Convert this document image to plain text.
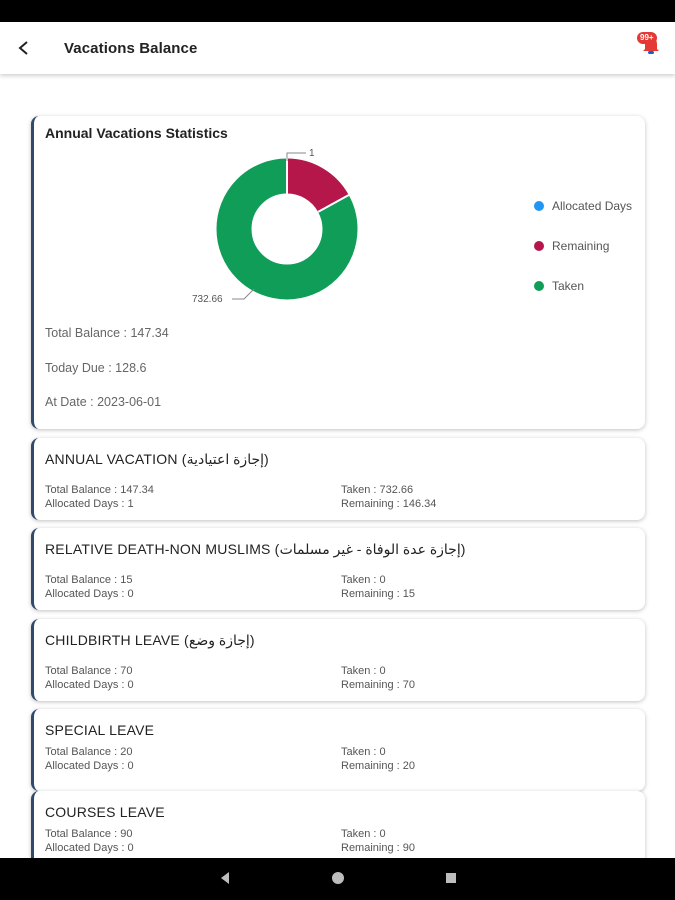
Vacations Balance
99+
Annual Vacations Statistics
1
732.66
Allocated Days
Remaining
Taken
Total Balance : 147.34
Today Due : 128.6
At Date : 2023-06-01
ANNUAL VACATION (إجازة اعتيادية)
Total Balance : 147.34
Allocated Days : 1
Taken : 732.66
Remaining : 146.34
RELATIVE DEATH-NON MUSLIMS (إجازة عدة الوفاة - غير مسلمات)
Total Balance : 15
Allocated Days : 0
Taken : 0
Remaining : 15
CHILDBIRTH LEAVE (إجازة وضع)
Total Balance : 70
Allocated Days : 0
Taken : 0
Remaining : 70
SPECIAL LEAVE
Total Balance : 20
Allocated Days : 0
Taken : 0
Remaining : 20
COURSES LEAVE
Total Balance : 90
Allocated Days : 0
Taken : 0
Remaining : 90
